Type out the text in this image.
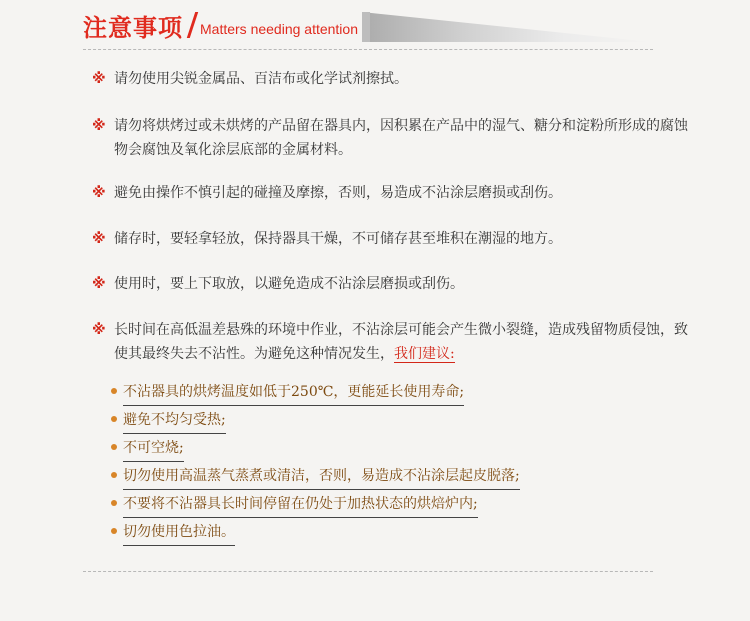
注意事项 Matters needing attention
※ 请勿使用尖锐金属品、百洁布或化学试剂擦拭。
※ 请勿将烘烤过或未烘烤的产品留在器具内，因积累在产品中的湿气、糖分和淀粉所形成的腐蚀物会腐蚀及氧化涂层底部的金属材料。
※ 避免由操作不慎引起的碰撞及摩擦，否则，易造成不沾涂层磨损或刮伤。
※ 储存时，要轻拿轻放，保持器具干燥，不可储存甚至堆积在潮湿的地方。
※ 使用时，要上下取放，以避免造成不沾涂层磨损或刮伤。
※ 长时间在高低温差悬殊的环境中作业，不沾涂层可能会产生微小裂缝，造成残留物质侵蚀，致使其最终失去不沾性。为避免这种情况发生，我们建议:
不沾器具的烘烤温度如低于250℃，更能延长使用寿命;
避免不均匀受热;
不可空烧;
切勿使用高温蒸气蒸煮或清洁，否则，易造成不沾涂层起皮脱落;
不要将不沾器具长时间停留在仍处于加热状态的烘焙炉内;
切勿使用色拉油。
